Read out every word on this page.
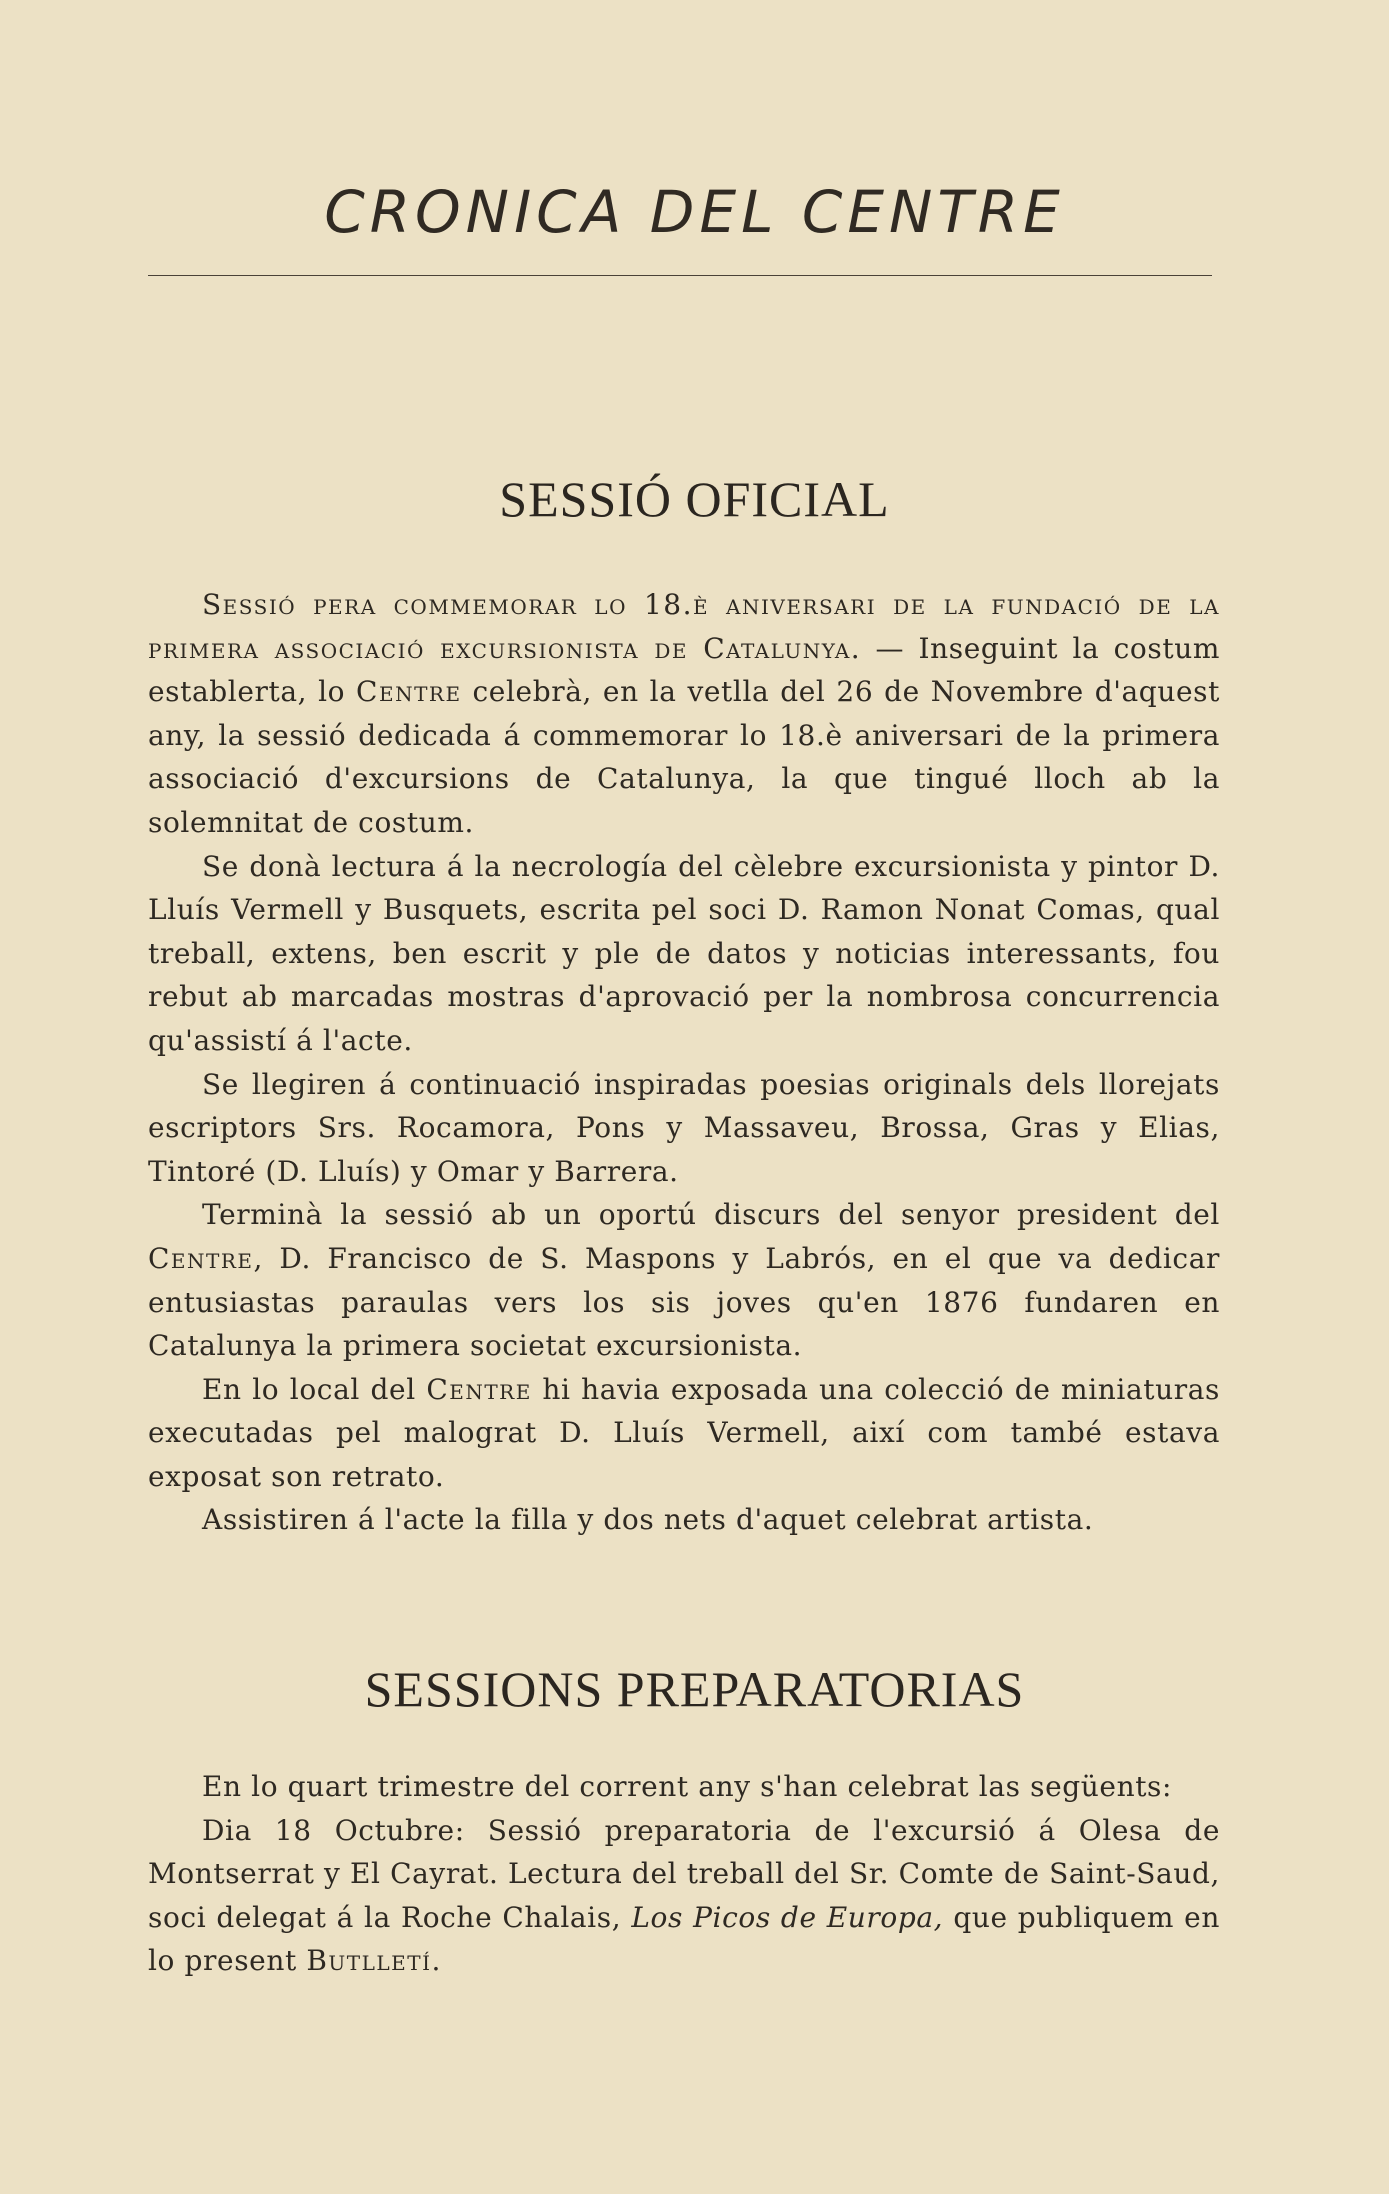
CRONICA DEL CENTRE
SESSIÓ OFICIAL

Sessió pera commemorar lo 18.è aniversari de la fundació de la primera associació excursionista de Catalunya. — Inseguint la costum establerta, lo Centre celebrà, en la vetlla del 26 de Novembre d'aquest any, la sessió dedicada á commemorar lo 18.è aniversari de la primera associació d'excursions de Catalunya, la que tingué lloch ab la solemnitat de costum.

Se donà lectura á la necrología del cèlebre excursionista y pintor D. Lluís Vermell y Busquets, escrita pel soci D. Ramon Nonat Comas, qual treball, extens, ben escrit y ple de datos y noticias interessants, fou rebut ab marcadas mostras d'aprovació per la nombrosa concurrencia qu'assistí á l'acte.

Se llegiren á continuació inspiradas poesias originals dels llorejats escriptors Srs. Rocamora, Pons y Massaveu, Brossa, Gras y Elias, Tintoré (D. Lluís) y Omar y Barrera.

Terminà la sessió ab un oportú discurs del senyor president del Centre, D. Francisco de S. Maspons y Labrós, en el que va dedicar entusiastas paraulas vers los sis joves qu'en 1876 fundaren en Catalunya la primera societat excursionista.

En lo local del Centre hi havia exposada una colecció de miniaturas executadas pel malograt D. Lluís Vermell, així com també estava exposat son retrato.

Assistiren á l'acte la filla y dos nets d'aquet celebrat artista.

SESSIONS PREPARATORIAS

En lo quart trimestre del corrent any s'han celebrat las següents:

Dia 18 Octubre: Sessió preparatoria de l'excursió á Olesa de Montserrat y El Cayrat. Lectura del treball del Sr. Comte de Saint-Saud, soci delegat á la Roche Chalais, Los Picos de Europa, que publiquem en lo present Butlletí.
